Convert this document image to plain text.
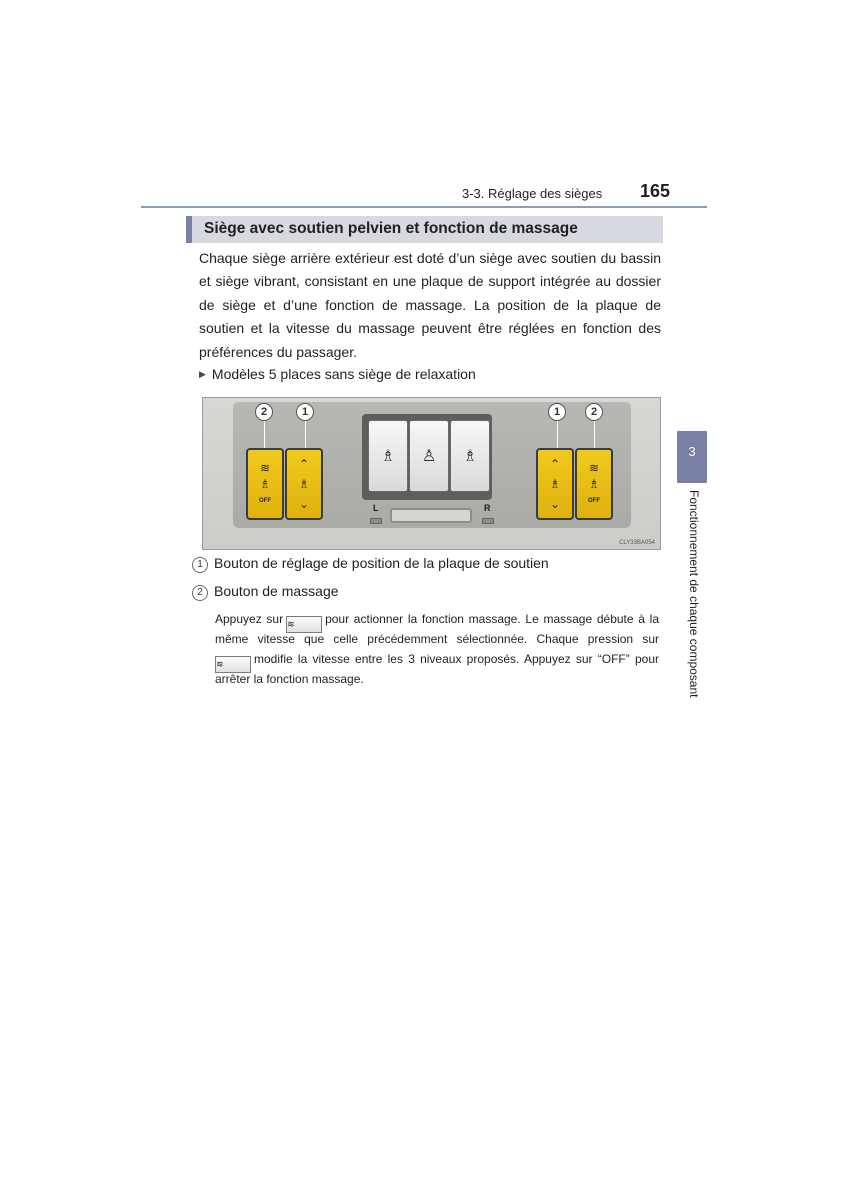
3-3. Réglage des sièges 165
Siège avec soutien pelvien et fonction de massage

Chaque siège arrière extérieur est doté d’un siège avec soutien du bassin et siège vibrant, consistant en une plaque de support intégrée au dossier de siège et d’une fonction de massage. La position de la plaque de soutien et la vitesse du massage peuvent être réglées en fonction des préférences du passager.

▶ Modèles 5 places sans siège de relaxation
2	1	1	2
≋
♗
OFF
⌃
♗
⌄
♗	♙	♗
L	R
⌃
♗
⌄
≋
♗
OFF
CLY33BA054
1 Bouton de réglage de position de la plaque de soutien
2 Bouton de massage
Appuyez sur ≋	pour actionner la fonction massage. Le massage débute à la
même vitesse que celle précédemment sélectionnée. Chaque pression sur
≋	modifie la vitesse entre les 3 niveaux proposés. Appuyez sur “OFF” pour
arrêter la fonction massage.
3
Fonctionnement de chaque composant
